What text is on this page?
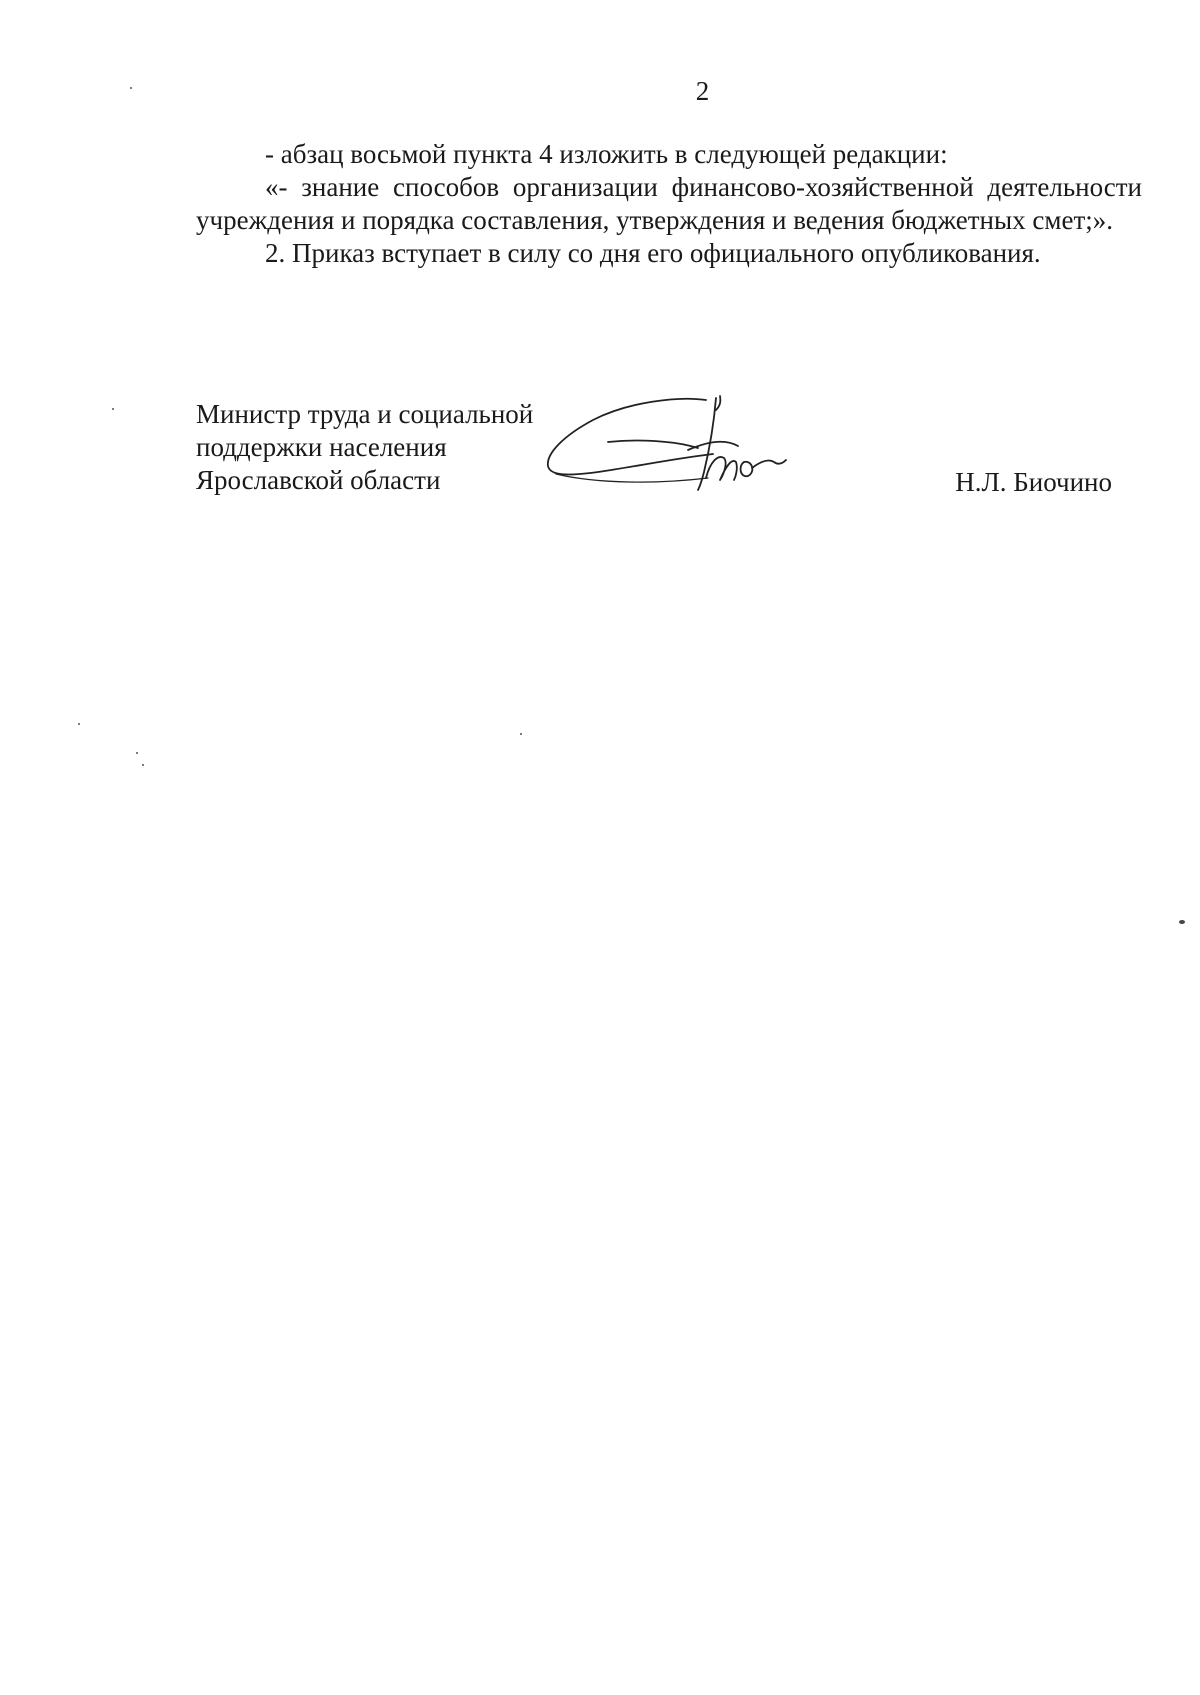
2

- абзац восьмой пункта 4 изложить в следующей редакции:

«- знание способов организации финансово-хозяйственной деятельности учреждения и порядка составления, утверждения и ведения бюджетных смет;».

2. Приказ вступает в силу со дня его официального опубликования.

Министр труда и социальной
поддержки населения
Ярославской области	Н.Л. Биочино
